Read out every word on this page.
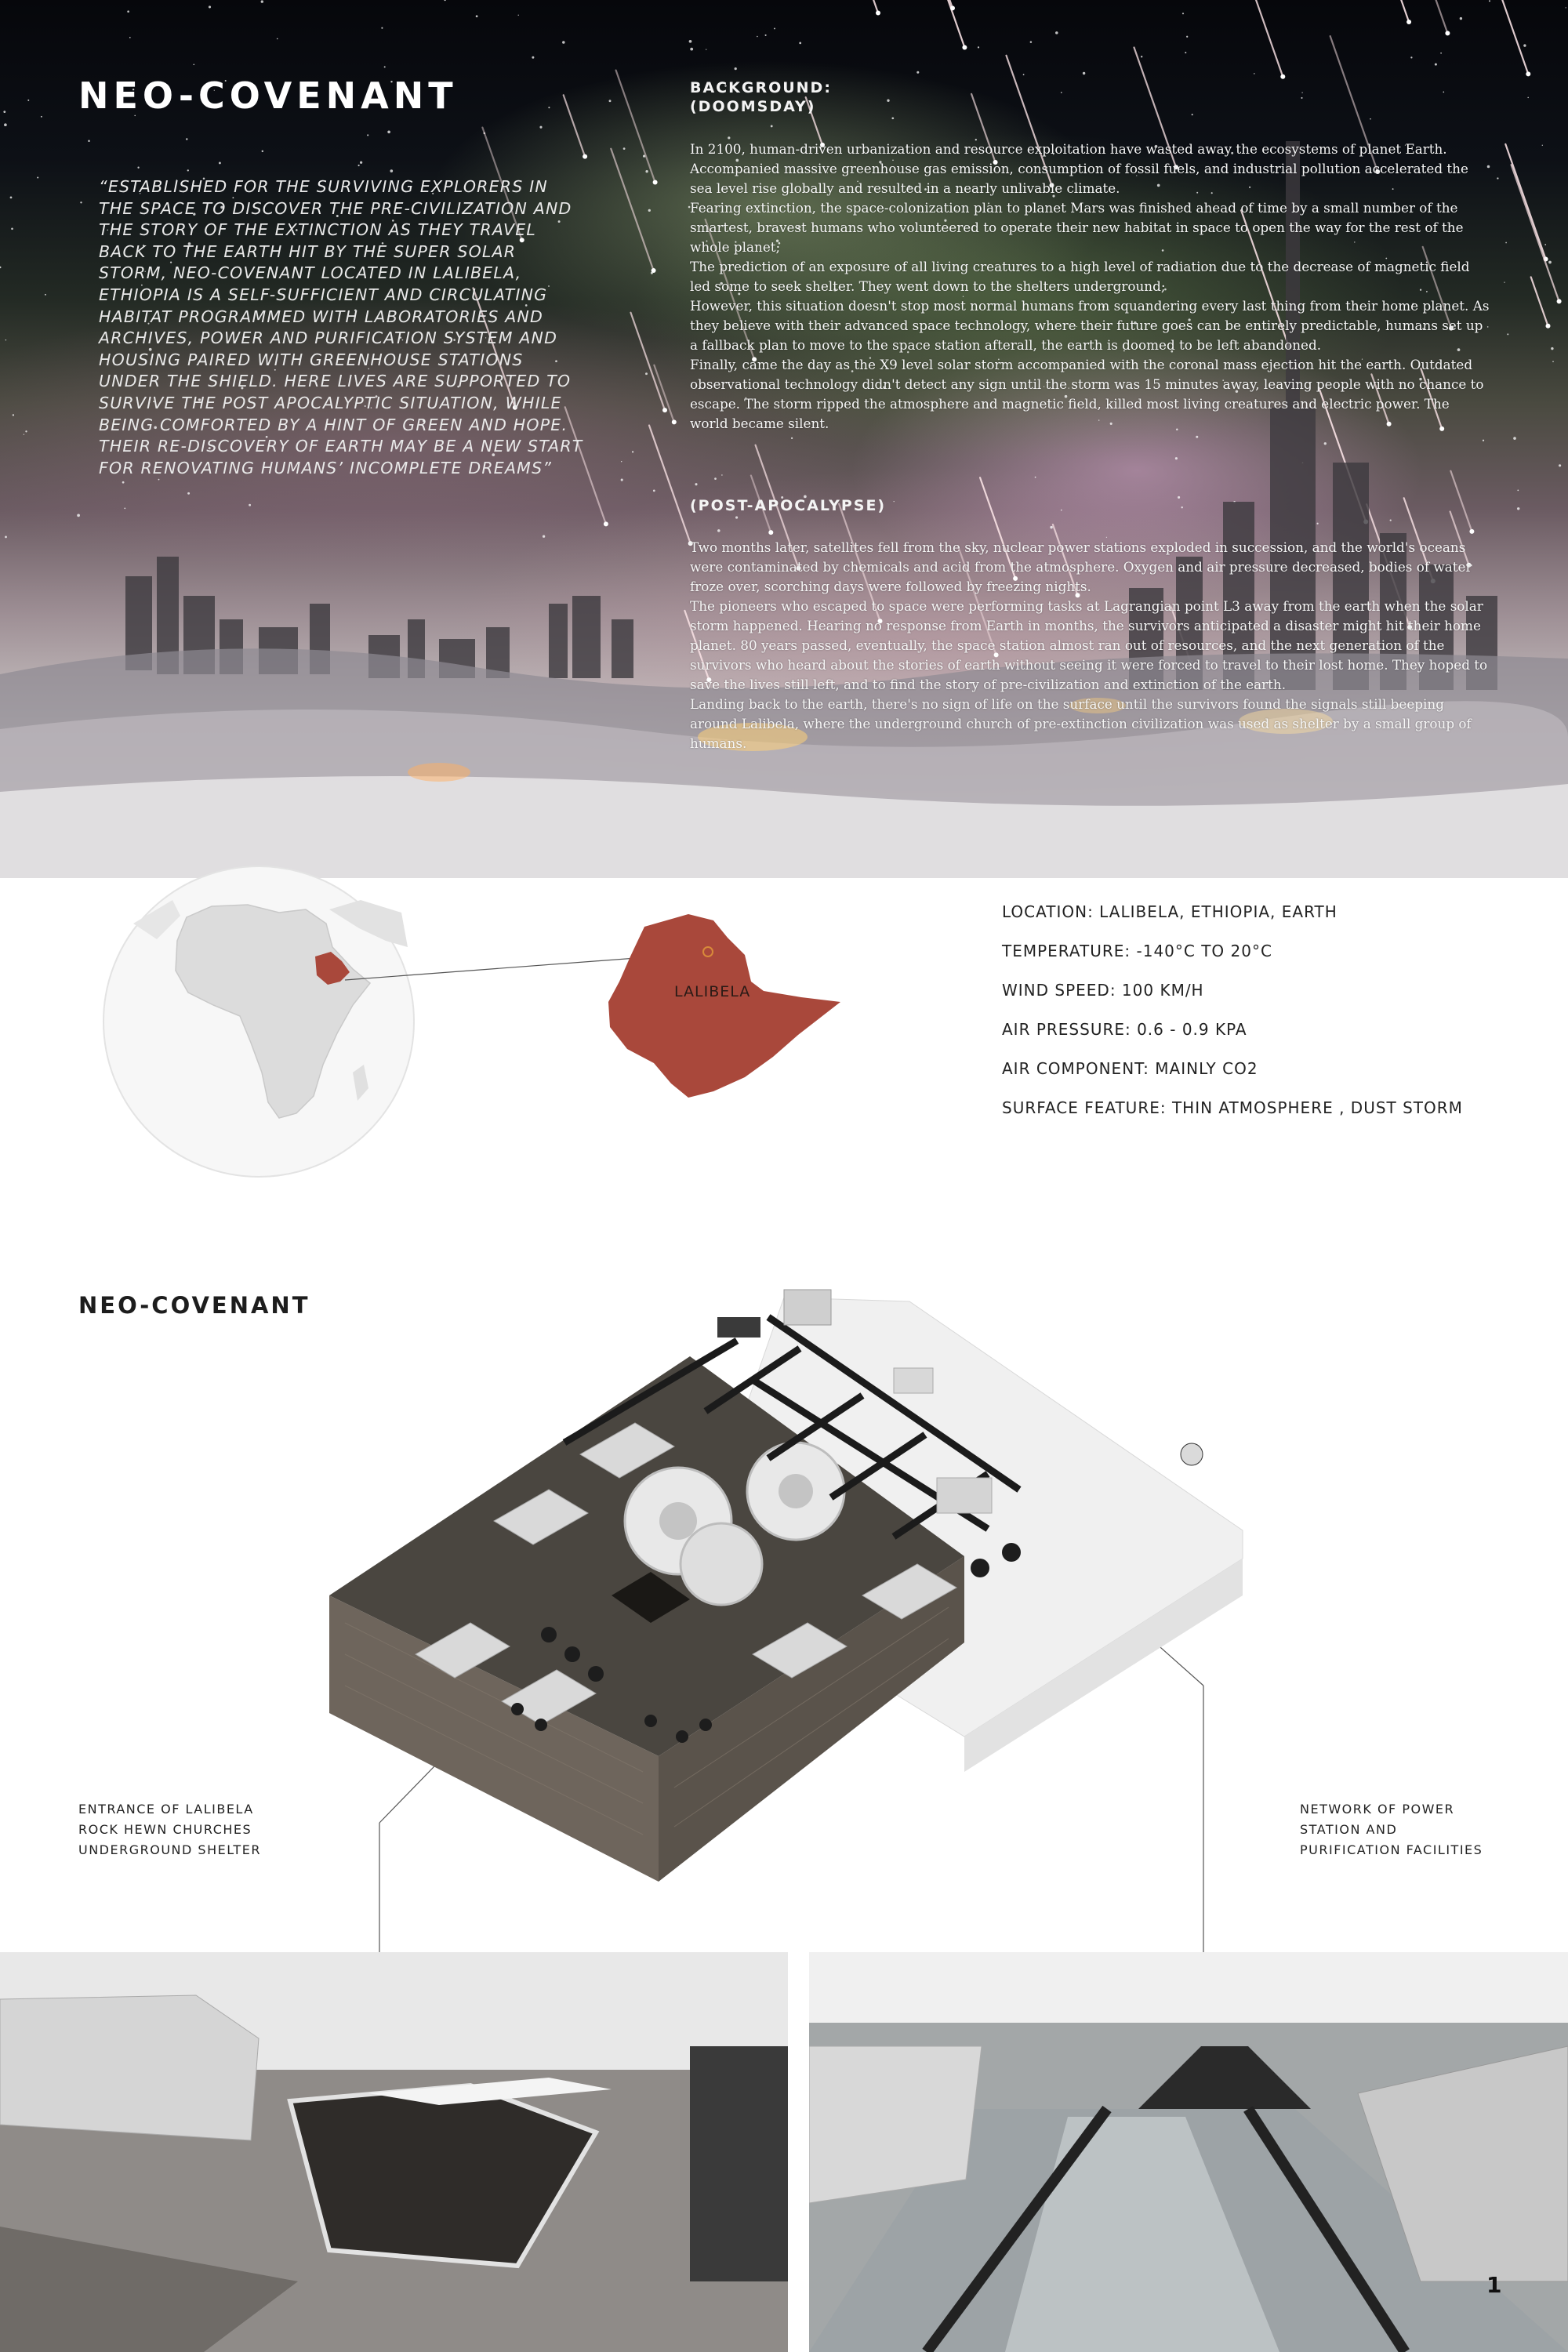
NEO-COVENANT

“ESTABLISHED FOR THE SURVIVING EXPLORERS IN THE SPACE TO DISCOVER THE PRE-CIVILIZATION AND THE STORY OF THE EXTINCTION AS THEY TRAVEL BACK TO THE EARTH HIT BY THE SUPER SOLAR STORM, NEO-COVENANT LOCATED IN LALIBELA, ETHIOPIA IS A SELF-SUFFICIENT AND CIRCULATING HABITAT PROGRAMMED WITH LABORATORIES AND ARCHIVES, POWER AND PURIFICATION SYSTEM AND HOUSING PAIRED WITH GREENHOUSE STATIONS UNDER THE SHIELD. HERE LIVES ARE SUPPORTED TO SURVIVE THE POST APOCALYPTIC SITUATION, WHILE BEING COMFORTED BY A HINT OF GREEN AND HOPE. THEIR RE-DISCOVERY OF EARTH MAY BE A NEW START FOR RENOVATING HUMANS’ INCOMPLETE DREAMS”

BACKGROUND:
(DOOMSDAY)

In 2100, human-driven urbanization and resource exploitation have wasted away the ecosystems of planet Earth. Accompanied massive greenhouse gas emission, consumption of fossil fuels, and industrial pollution accelerated the sea level rise globally and resulted in a nearly unlivable climate.

Fearing extinction, the space-colonization plan to planet Mars was finished ahead of time by a small number of the smartest, bravest humans who volunteered to operate their new habitat in space to open the way for the rest of the whole planet;

The prediction of an exposure of all living creatures to a high level of radiation due to the decrease of magnetic field led some to seek shelter. They went down to the shelters underground;

However, this situation doesn't stop most normal humans from squandering every last thing from their home planet. As they believe with their advanced space technology, where their future goes can be entirely predictable, humans set up a fallback plan to move to the space station afterall, the earth is doomed to be left abandoned.

Finally, came the day as the X9 level solar storm accompanied with the coronal mass ejection hit the earth. Outdated observational technology didn't detect any sign until the storm was 15 minutes away, leaving people with no chance to escape. The storm ripped the atmosphere and magnetic field, killed most living creatures and electric power. The world became silent.

(POST-APOCALYPSE)

Two months later, satellites fell from the sky, nuclear power stations exploded in succession, and the world's oceans were contaminated by chemicals and acid from the atmosphere. Oxygen and air pressure decreased, bodies of water froze over, scorching days were followed by freezing nights.

The pioneers who escaped to space were performing tasks at Lagrangian point L3 away from the earth when the solar storm happened. Hearing no response from Earth in months, the survivors anticipated a disaster might hit their home planet. 80 years passed, eventually, the space station almost ran out of resources, and the next generation of the survivors who heard about the stories of earth without seeing it were forced to travel to their lost home. They hoped to save the lives still left, and to find the story of pre-civilization and extinction of the earth.

Landing back to the earth, there's no sign of life on the surface until the survivors found the signals still beeping around Lalibela, where the underground church of pre-extinction civilization was used as shelter by a small group of humans.

LALIBELA

LOCATION: LALIBELA, ETHIOPIA, EARTH
TEMPERATURE: -140°C TO 20°C
WIND SPEED: 100 KM/H
AIR PRESSURE: 0.6 - 0.9 KPA
AIR COMPONENT: MAINLY CO2
SURFACE FEATURE: THIN ATMOSPHERE , DUST STORM
NEO-COVENANT

ENTRANCE OF LALIBELA
ROCK HEWN CHURCHES
UNDERGROUND SHELTER

NETWORK OF POWER
STATION AND
PURIFICATION FACILITIES

1
